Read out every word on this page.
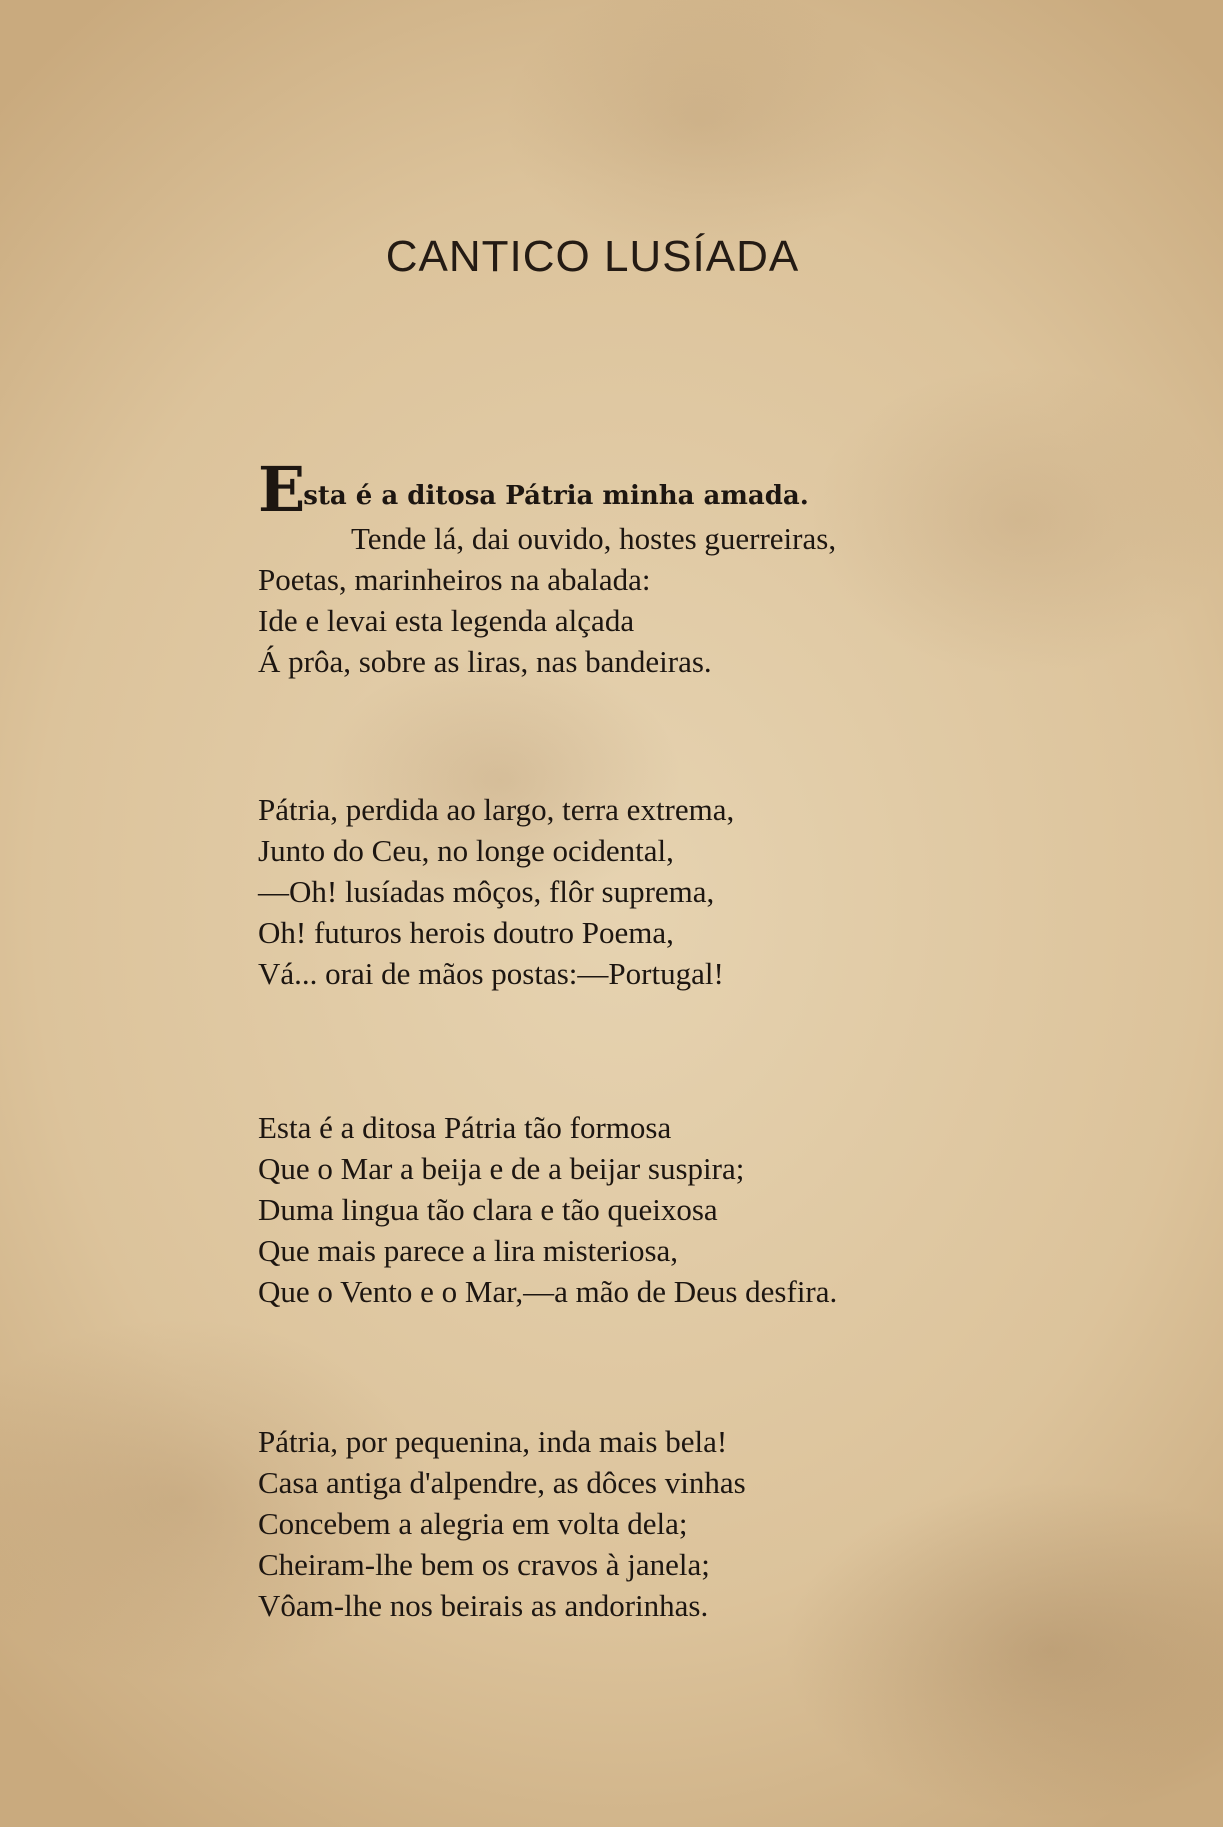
CANTICO LUSÍADA
E sta é a ditosa Pátria minha amada.
Tende lá, dai ouvido, hostes guerreiras,
Poetas, marinheiros na abalada:
Ide e levai esta legenda alçada
Á prôa, sobre as liras, nas bandeiras.
Pátria, perdida ao largo, terra extrema,
Junto do Ceu, no longe ocidental,
—Oh! lusíadas môços, flôr suprema,
Oh! futuros herois doutro Poema,
Vá... orai de mãos postas:—Portugal!
Esta é a ditosa Pátria tão formosa
Que o Mar a beija e de a beijar suspira;
Duma lingua tão clara e tão queixosa
Que mais parece a lira misteriosa,
Que o Vento e o Mar,—a mão de Deus desfira.
Pátria, por pequenina, inda mais bela!
Casa antiga d'alpendre, as dôces vinhas
Concebem a alegria em volta dela;
Cheiram-lhe bem os cravos à janela;
Vôam-lhe nos beirais as andorinhas.
